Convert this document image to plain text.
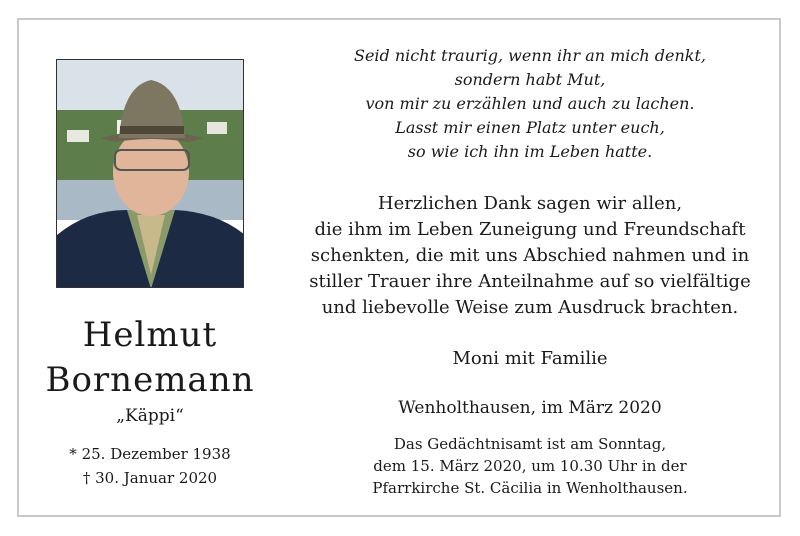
Helmut
Bornemann
„Käppi“
* 25. Dezember 1938
† 30. Januar 2020
Seid nicht traurig, wenn ihr an mich denkt,
sondern habt Mut,
von mir zu erzählen und auch zu lachen.
Lasst mir einen Platz unter euch,
so wie ich ihn im Leben hatte.
Herzlichen Dank sagen wir allen,
die ihm im Leben Zuneigung und Freundschaft
schenkten, die mit uns Abschied nahmen und in
stiller Trauer ihre Anteilnahme auf so vielfältige
und liebevolle Weise zum Ausdruck brachten.
Moni mit Familie
Wenholthausen, im März 2020
Das Gedächtnisamt ist am Sonntag,
dem 15. März 2020, um 10.30 Uhr in der
Pfarrkirche St. Cäcilia in Wenholthausen.
